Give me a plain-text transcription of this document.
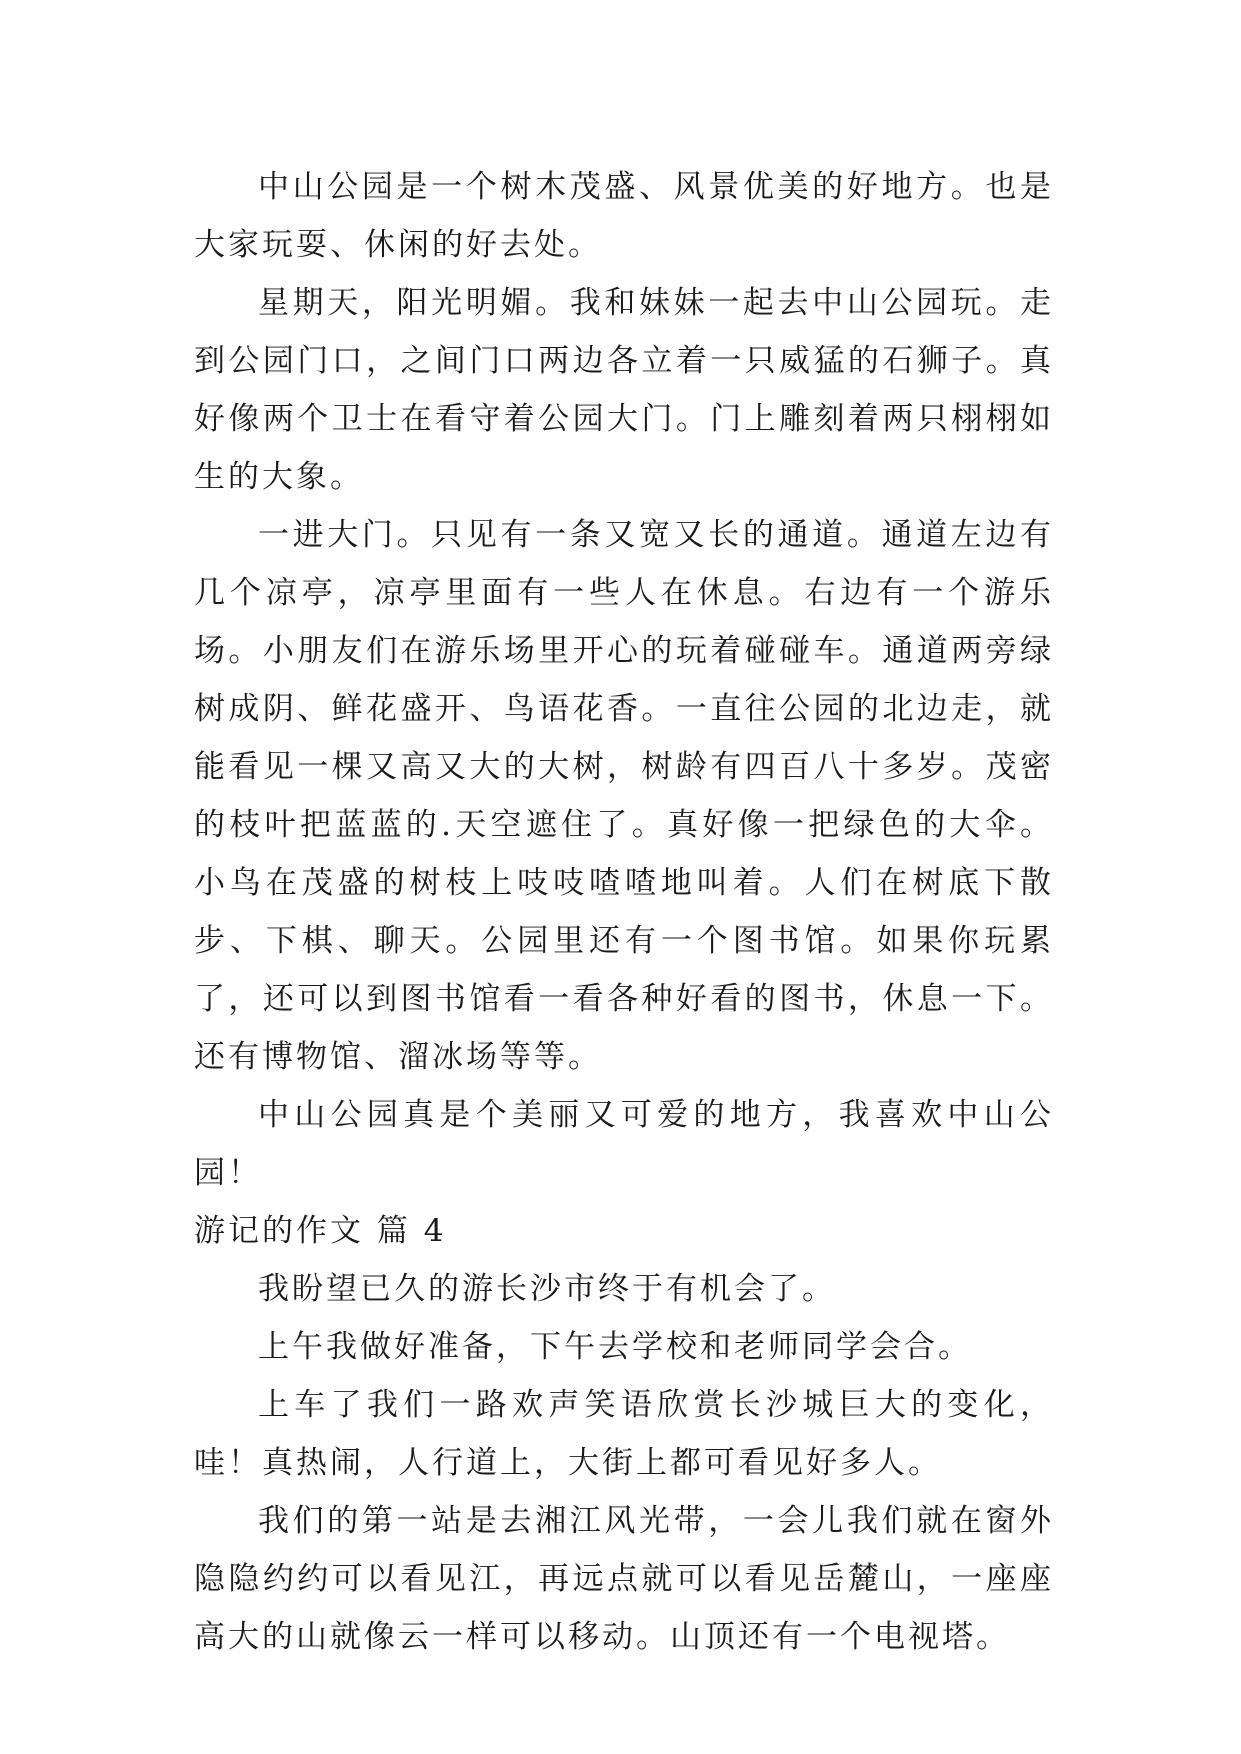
中山公园是一个树木茂盛、风景优美的好地方。也是大家玩耍、休闲的好去处。

星期天，阳光明媚。我和妹妹一起去中山公园玩。走到公园门口，之间门口两边各立着一只威猛的石狮子。真好像两个卫士在看守着公园大门。门上雕刻着两只栩栩如生的大象。

一进大门。只见有一条又宽又长的通道。通道左边有几个凉亭，凉亭里面有一些人在休息。右边有一个游乐场。小朋友们在游乐场里开心的玩着碰碰车。通道两旁绿树成阴、鲜花盛开、鸟语花香。一直往公园的北边走，就能看见一棵又高又大的大树，树龄有四百八十多岁。茂密的枝叶把蓝蓝的.天空遮住了。真好像一把绿色的大伞。小鸟在茂盛的树枝上吱吱喳喳地叫着。人们在树底下散步、下棋、聊天。公园里还有一个图书馆。如果你玩累了，还可以到图书馆看一看各种好看的图书，休息一下。还有博物馆、溜冰场等等。

中山公园真是个美丽又可爱的地方，我喜欢中山公园！

游记的作文 篇 4

我盼望已久的游长沙市终于有机会了。

上午我做好准备，下午去学校和老师同学会合。

上车了我们一路欢声笑语欣赏长沙城巨大的变化，哇！真热闹，人行道上，大街上都可看见好多人。

我们的第一站是去湘江风光带，一会儿我们就在窗外隐隐约约可以看见江，再远点就可以看见岳麓山，一座座高大的山就像云一样可以移动。山顶还有一个电视塔。
